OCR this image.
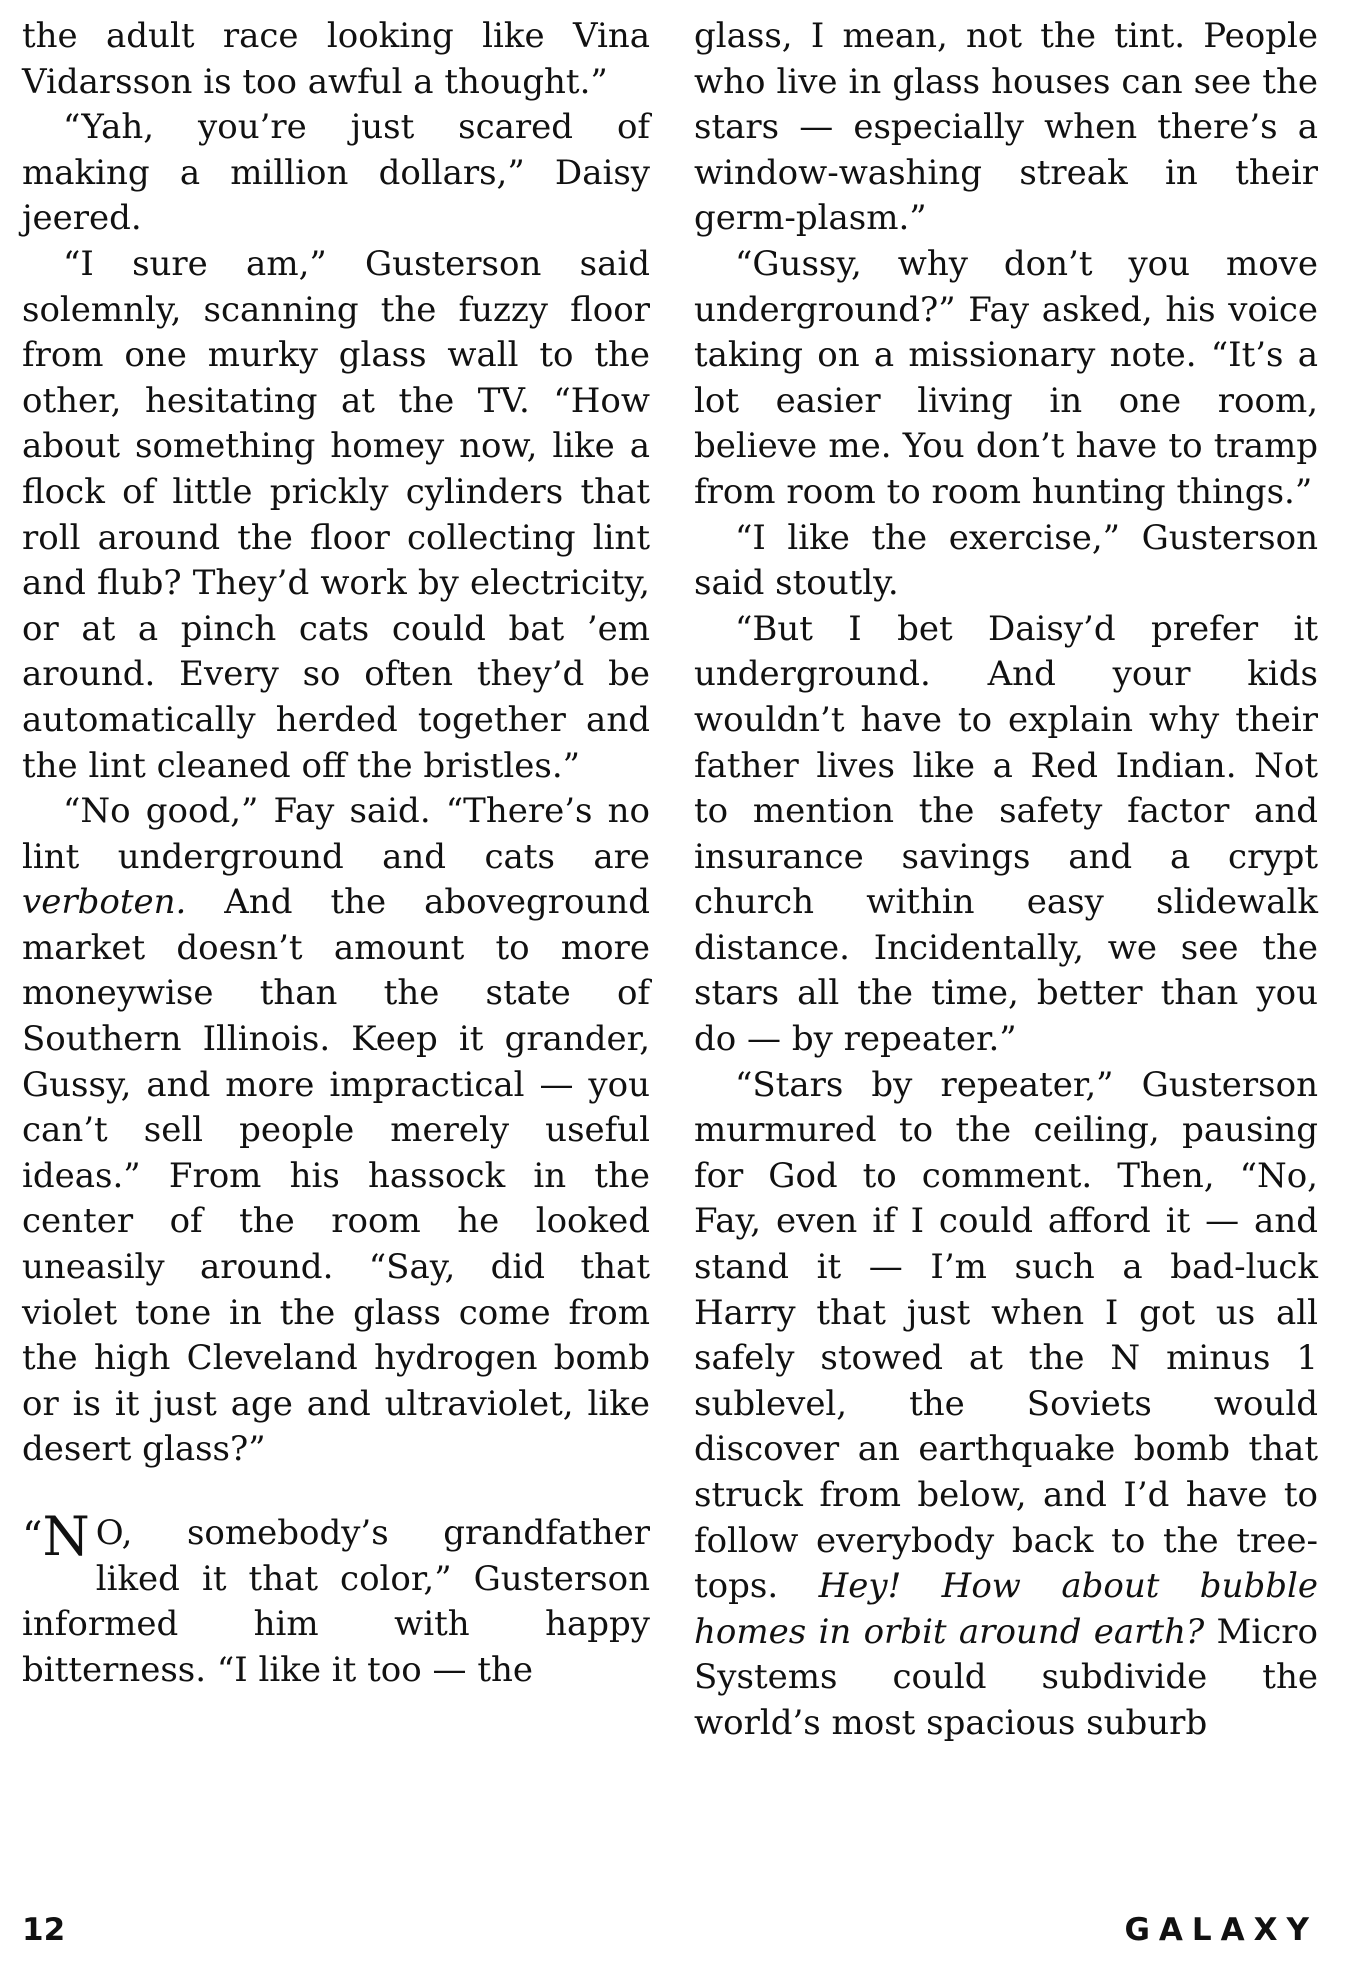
the adult race looking like Vina Vidarsson is too awful a thought.”

“Yah, you’re just scared of making a million dollars,” Daisy jeered.

“I sure am,” Gusterson said solemnly, scanning the fuzzy floor from one murky glass wall to the other, hesitating at the TV. “How about something homey now, like a flock of little prickly cylinders that roll around the floor collecting lint and flub? They’d work by electricity, or at a pinch cats could bat ’em around. Every so often they’d be automatically herded together and the lint cleaned off the bristles.”

“No good,” Fay said. “There’s no lint underground and cats are verboten. And the aboveground market doesn’t amount to more moneywise than the state of Southern Illinois. Keep it grander, Gussy, and more impractical — you can’t sell people merely useful ideas.” From his hassock in the center of the room he looked uneasily around. “Say, did that violet tone in the glass come from the high Cleveland hydrogen bomb or is it just age and ultraviolet, like desert glass?”

“N O, somebody’s grandfather liked it that color,” Gusterson informed him with happy bitterness. “I like it too — the

glass, I mean, not the tint. People who live in glass houses can see the stars — especially when there’s a window-washing streak in their germ-plasm.”

“Gussy, why don’t you move underground?” Fay asked, his voice taking on a missionary note. “It’s a lot easier living in one room, believe me. You don’t have to tramp from room to room hunting things.”

“I like the exercise,” Gusterson said stoutly.

“But I bet Daisy’d prefer it underground. And your kids wouldn’t have to explain why their father lives like a Red Indian. Not to mention the safety factor and insurance savings and a crypt church within easy slidewalk distance. Incidentally, we see the stars all the time, better than you do — by repeater.”

“Stars by repeater,” Gusterson murmured to the ceiling, pausing for God to comment. Then, “No, Fay, even if I could afford it — and stand it — I’m such a bad-luck Harry that just when I got us all safely stowed at the N minus 1 sublevel, the Soviets would discover an earthquake bomb that struck from below, and I’d have to follow everybody back to the treetops. Hey! How about bubble homes in orbit around earth? Micro Systems could subdivide the world’s most spacious suburb

12	GALAXY
